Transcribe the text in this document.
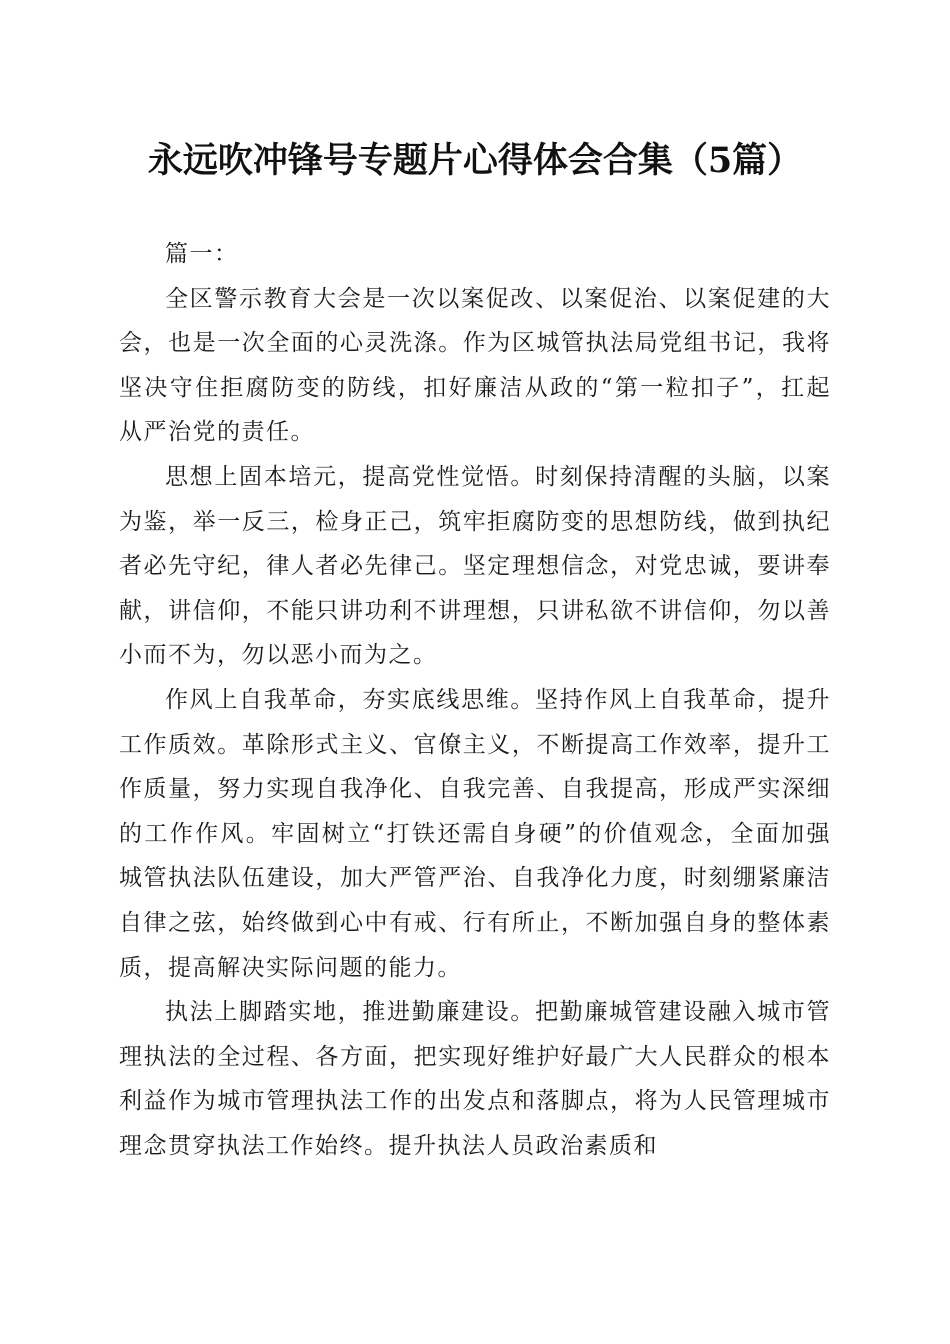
永远吹冲锋号专题片心得体会合集（5篇）

篇一：

全区警示教育大会是一次以案促改、以案促治、以案促建的大会，也是一次全面的心灵洗涤。作为区城管执法局党组书记，我将坚决守住拒腐防变的防线，扣好廉洁从政的“第一粒扣子”，扛起从严治党的责任。

思想上固本培元，提高党性觉悟。时刻保持清醒的头脑，以案为鉴，举一反三，检身正己，筑牢拒腐防变的思想防线，做到执纪者必先守纪，律人者必先律己。坚定理想信念，对党忠诚，要讲奉献，讲信仰，不能只讲功利不讲理想，只讲私欲不讲信仰，勿以善小而不为，勿以恶小而为之。

作风上自我革命，夯实底线思维。坚持作风上自我革命，提升工作质效。革除形式主义、官僚主义，不断提高工作效率，提升工作质量，努力实现自我净化、自我完善、自我提高，形成严实深细的工作作风。牢固树立“打铁还需自身硬”的价值观念，全面加强城管执法队伍建设，加大严管严治、自我净化力度，时刻绷紧廉洁自律之弦，始终做到心中有戒、行有所止，不断加强自身的整体素质，提高解决实际问题的能力。

执法上脚踏实地，推进勤廉建设。把勤廉城管建设融入城市管理执法的全过程、各方面，把实现好维护好最广大人民群众的根本利益作为城市管理执法工作的出发点和落脚点，将为人民管理城市理念贯穿执法工作始终。提升执法人员政治素质和
